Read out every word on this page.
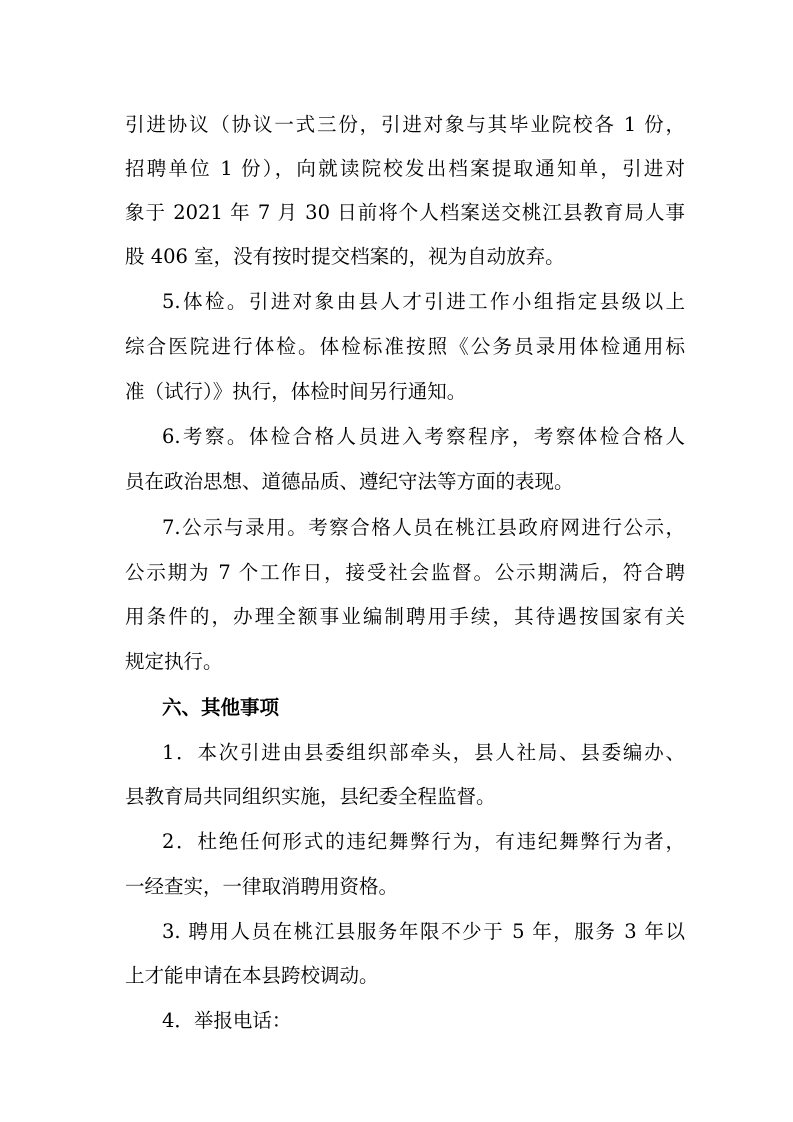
引进协议（协议一式三份，引进对象与其毕业院校各 1 份，
招聘单位 1 份），向就读院校发出档案提取通知单，引进对
象于 2021 年 7 月 30 日前将个人档案送交桃江县教育局人事
股 406 室，没有按时提交档案的，视为自动放弃。
5.体检。引进对象由县人才引进工作小组指定县级以上
综合医院进行体检。体检标准按照《公务员录用体检通用标
准（试行）》执行，体检时间另行通知。
6.考察。体检合格人员进入考察程序，考察体检合格人
员在政治思想、道德品质、遵纪守法等方面的表现。
7.公示与录用。考察合格人员在桃江县政府网进行公示，
公示期为 7 个工作日，接受社会监督。公示期满后，符合聘
用条件的，办理全额事业编制聘用手续，其待遇按国家有关
规定执行。
六、其他事项
1．本次引进由县委组织部牵头，县人社局、县委编办、
县教育局共同组织实施，县纪委全程监督。
2．杜绝任何形式的违纪舞弊行为，有违纪舞弊行为者，
一经查实，一律取消聘用资格。
3. 聘用人员在桃江县服务年限不少于 5 年，服务 3 年以
上才能申请在本县跨校调动。
4．举报电话：
